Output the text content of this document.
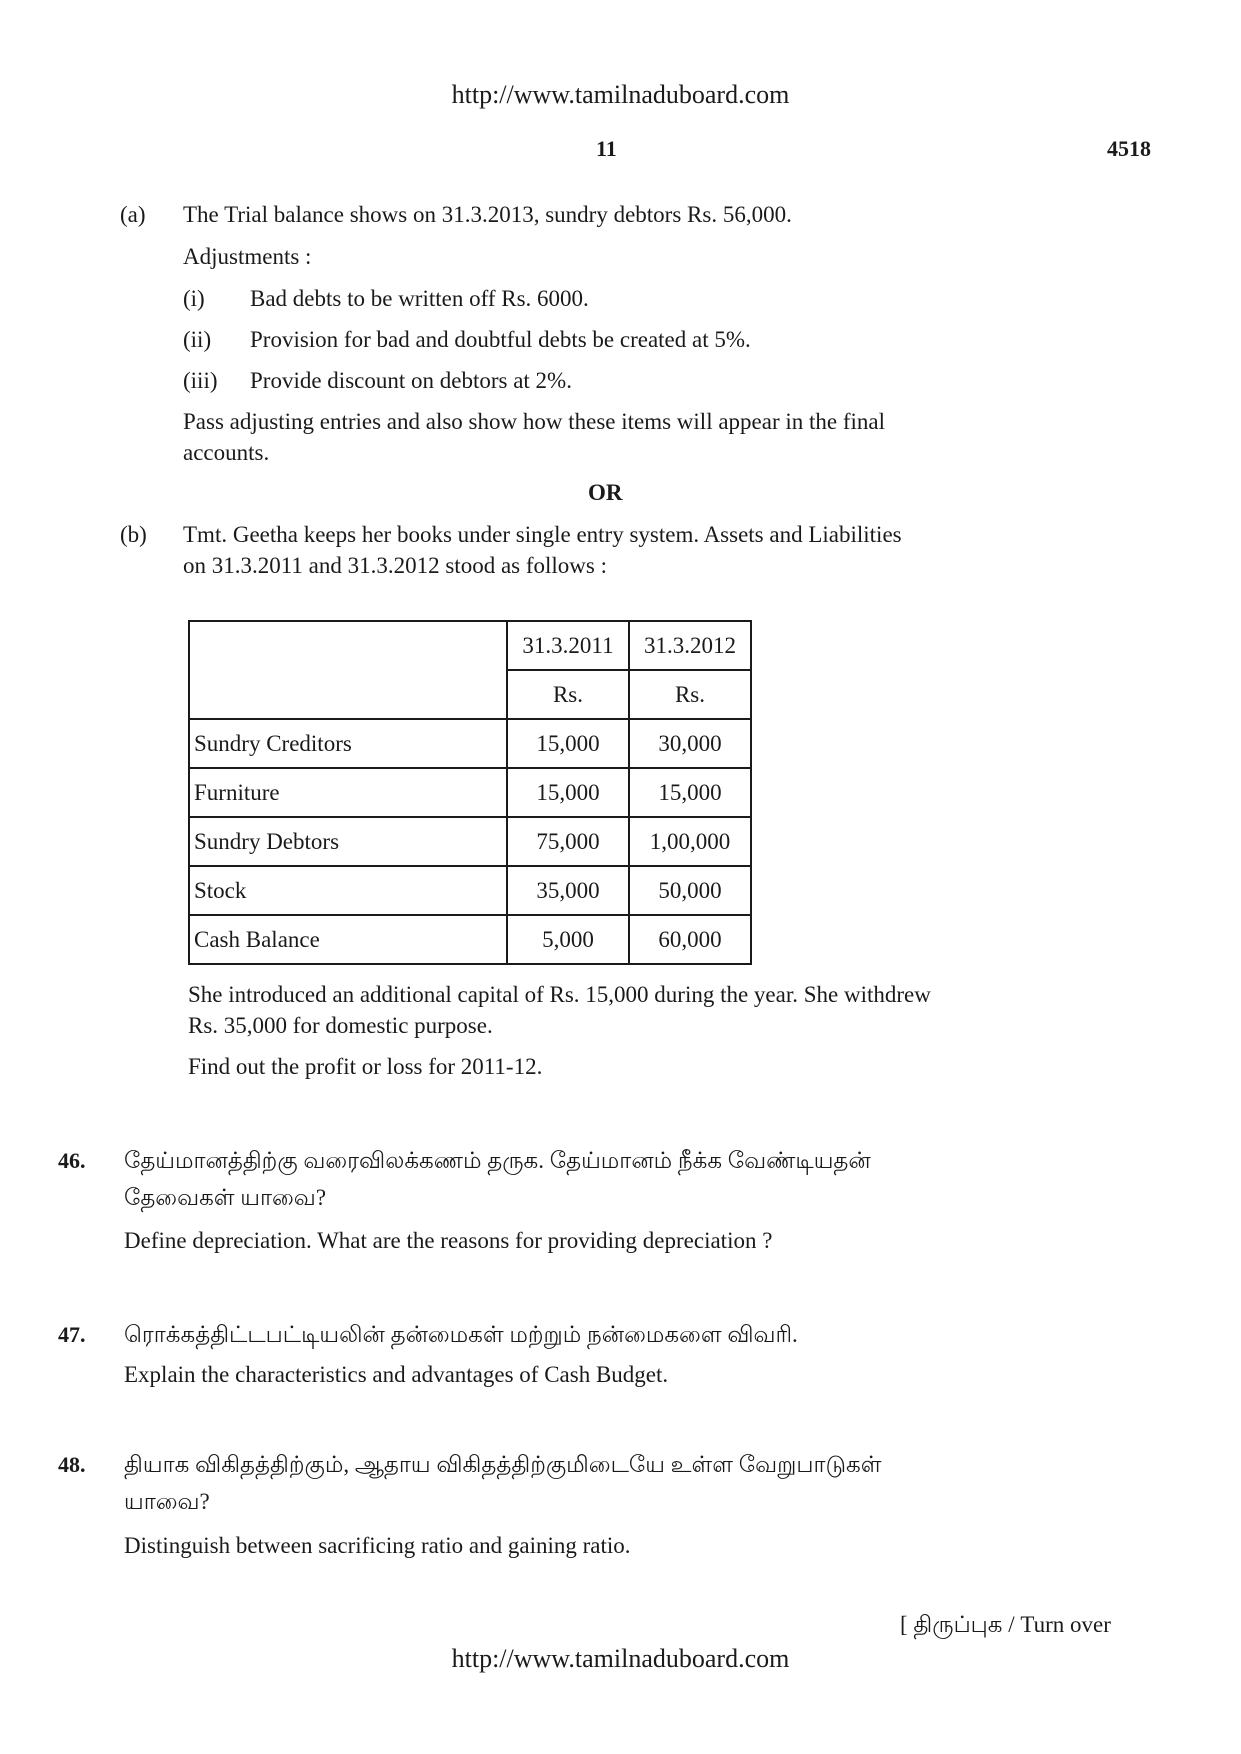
http://www.tamilnaduboard.com
11	4518
(a) The Trial balance shows on 31.3.2013, sundry debtors Rs. 56,000.
Adjustments :
(i) Bad debts to be written off Rs. 6000.
(ii) Provision for bad and doubtful debts be created at 5%.
(iii) Provide discount on debtors at 2%.
Pass adjusting entries and also show how these items will appear in the final
accounts.
OR
(b) Tmt. Geetha keeps her books under single entry system. Assets and Liabilities
on 31.3.2011 and 31.3.2012 stood as follows :
	31.3.2011	31.3.2012
	Rs.	Rs.
Sundry Creditors	15,000	30,000
Furniture	15,000	15,000
Sundry Debtors	75,000	1,00,000
Stock	35,000	50,000
Cash Balance	5,000	60,000
She introduced an additional capital of Rs. 15,000 during the year. She withdrew
Rs. 35,000 for domestic purpose.
Find out the profit or loss for 2011-12.
46. தேய்மானத்திற்கு வரைவிலக்கணம் தருக. தேய்மானம் நீக்க வேண்டியதன்
தேவைகள் யாவை?
Define depreciation. What are the reasons for providing depreciation ?
47. ரொக்கத்திட்டபட்டியலின் தன்மைகள் மற்றும் நன்மைகளை விவரி.
Explain the characteristics and advantages of Cash Budget.
48. தியாக விகிதத்திற்கும், ஆதாய விகிதத்திற்குமிடையே உள்ள வேறுபாடுகள்
யாவை?
Distinguish between sacrificing ratio and gaining ratio.
[ திருப்புக / Turn over
http://www.tamilnaduboard.com
